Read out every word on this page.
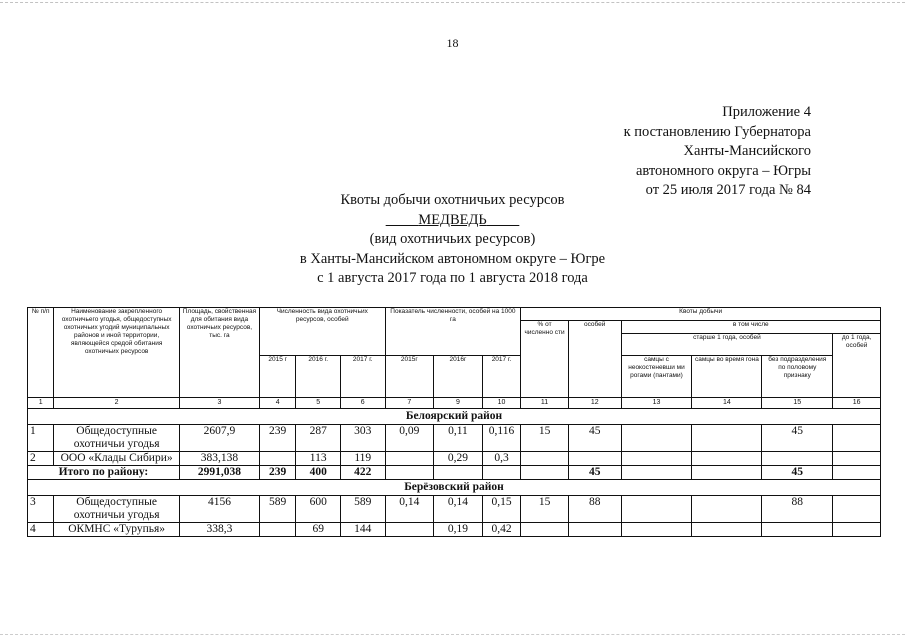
18
Приложение 4
к постановлению Губернатора
Ханты-Мансийского
автономного округа – Югры
от 25 июля 2017 года № 84
Квоты добычи охотничьих ресурсов
МЕДВЕДЬ
(вид охотничьих ресурсов)
в Ханты-Мансийском автономном округе – Югре
с 1 августа 2017 года по 1 августа 2018 года
№ п/п	Наименование закрепленного охотничьего угодья, общедоступных охотничьих угодий муниципальных районов и иной территории, являющейся средой обитания охотничьих ресурсов	Площадь, свойственная для обитания вида охотничьих ресурсов, тыс. га	Численность вида охотничьих ресурсов, особей			Показатель численности, особей на 1000 га			Квоты добычи					
									% от численно сти	особей	в том числе			
											старше 1 года, особей			до 1 года, особей
			2015 г	2016 г.	2017 г.	2015г	2016г	2017 г.			самцы с неокостеневши ми рогами (пантами)	самцы во время гона	без подразделения по половому признаку	
1	2	3	4	5	6	7	9	10	11	12	13	14	15	16
Белоярский район														
1	Общедоступные охотничьи угодья	2607,9	239	287	303	0,09	0,11	0,116	15	45			45	
2	ООО «Клады Сибири»	383,138		113	119		0,29	0,3						
Итого по району:		2991,038	239	400	422					45			45	
Берёзовский район														
3	Общедоступные охотничьи угодья	4156	589	600	589	0,14	0,14	0,15	15	88			88	
4	ОКМНС «Турупья»	338,3		69	144		0,19	0,42						
